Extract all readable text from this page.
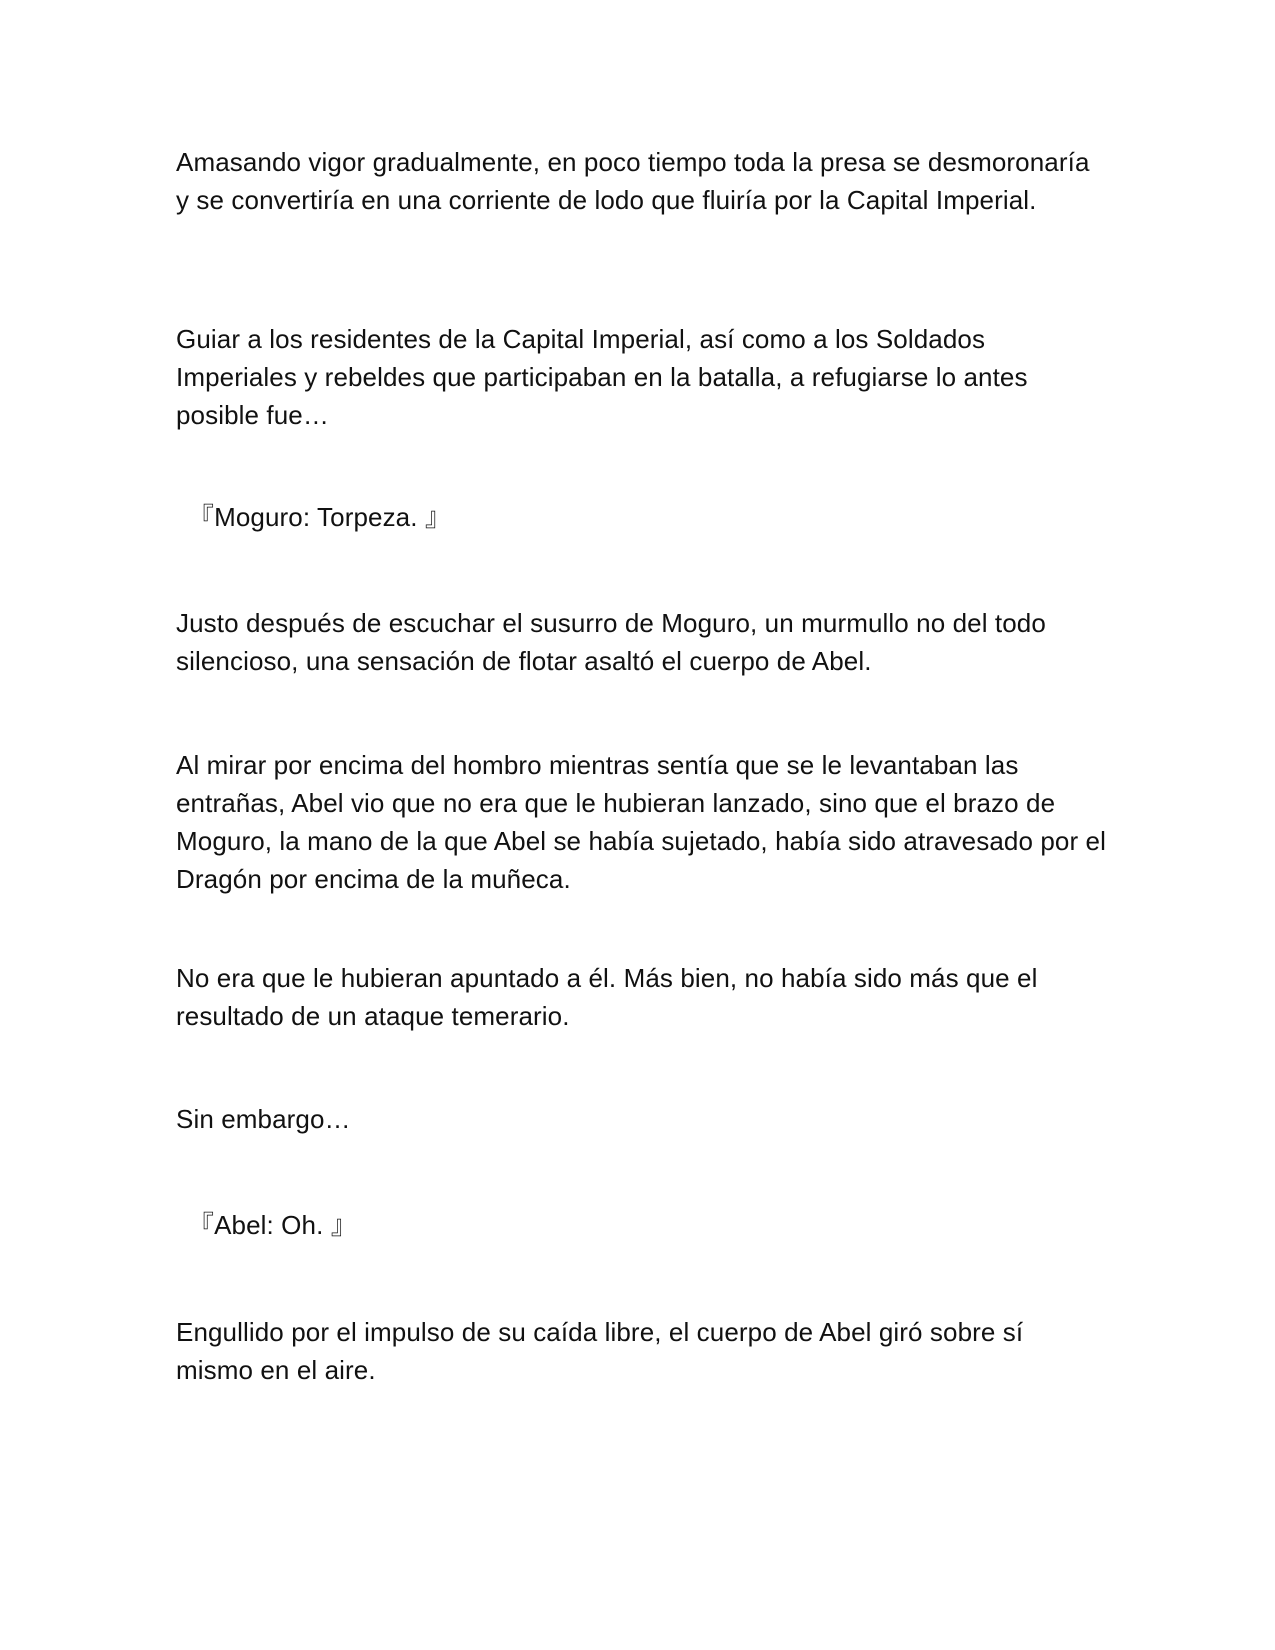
Amasando vigor gradualmente, en poco tiempo toda la presa se desmoronaría y se convertiría en una corriente de lodo que fluiría por la Capital Imperial.

Guiar a los residentes de la Capital Imperial, así como a los Soldados Imperiales y rebeldes que participaban en la batalla, a refugiarse lo antes posible fue…

『Moguro: Torpeza. 』

Justo después de escuchar el susurro de Moguro, un murmullo no del todo silencioso, una sensación de flotar asaltó el cuerpo de Abel.

Al mirar por encima del hombro mientras sentía que se le levantaban las entrañas, Abel vio que no era que le hubieran lanzado, sino que el brazo de Moguro, la mano de la que Abel se había sujetado, había sido atravesado por el Dragón por encima de la muñeca.

No era que le hubieran apuntado a él. Más bien, no había sido más que el resultado de un ataque temerario.

Sin embargo…

『Abel: Oh. 』

Engullido por el impulso de su caída libre, el cuerpo de Abel giró sobre sí mismo en el aire.
